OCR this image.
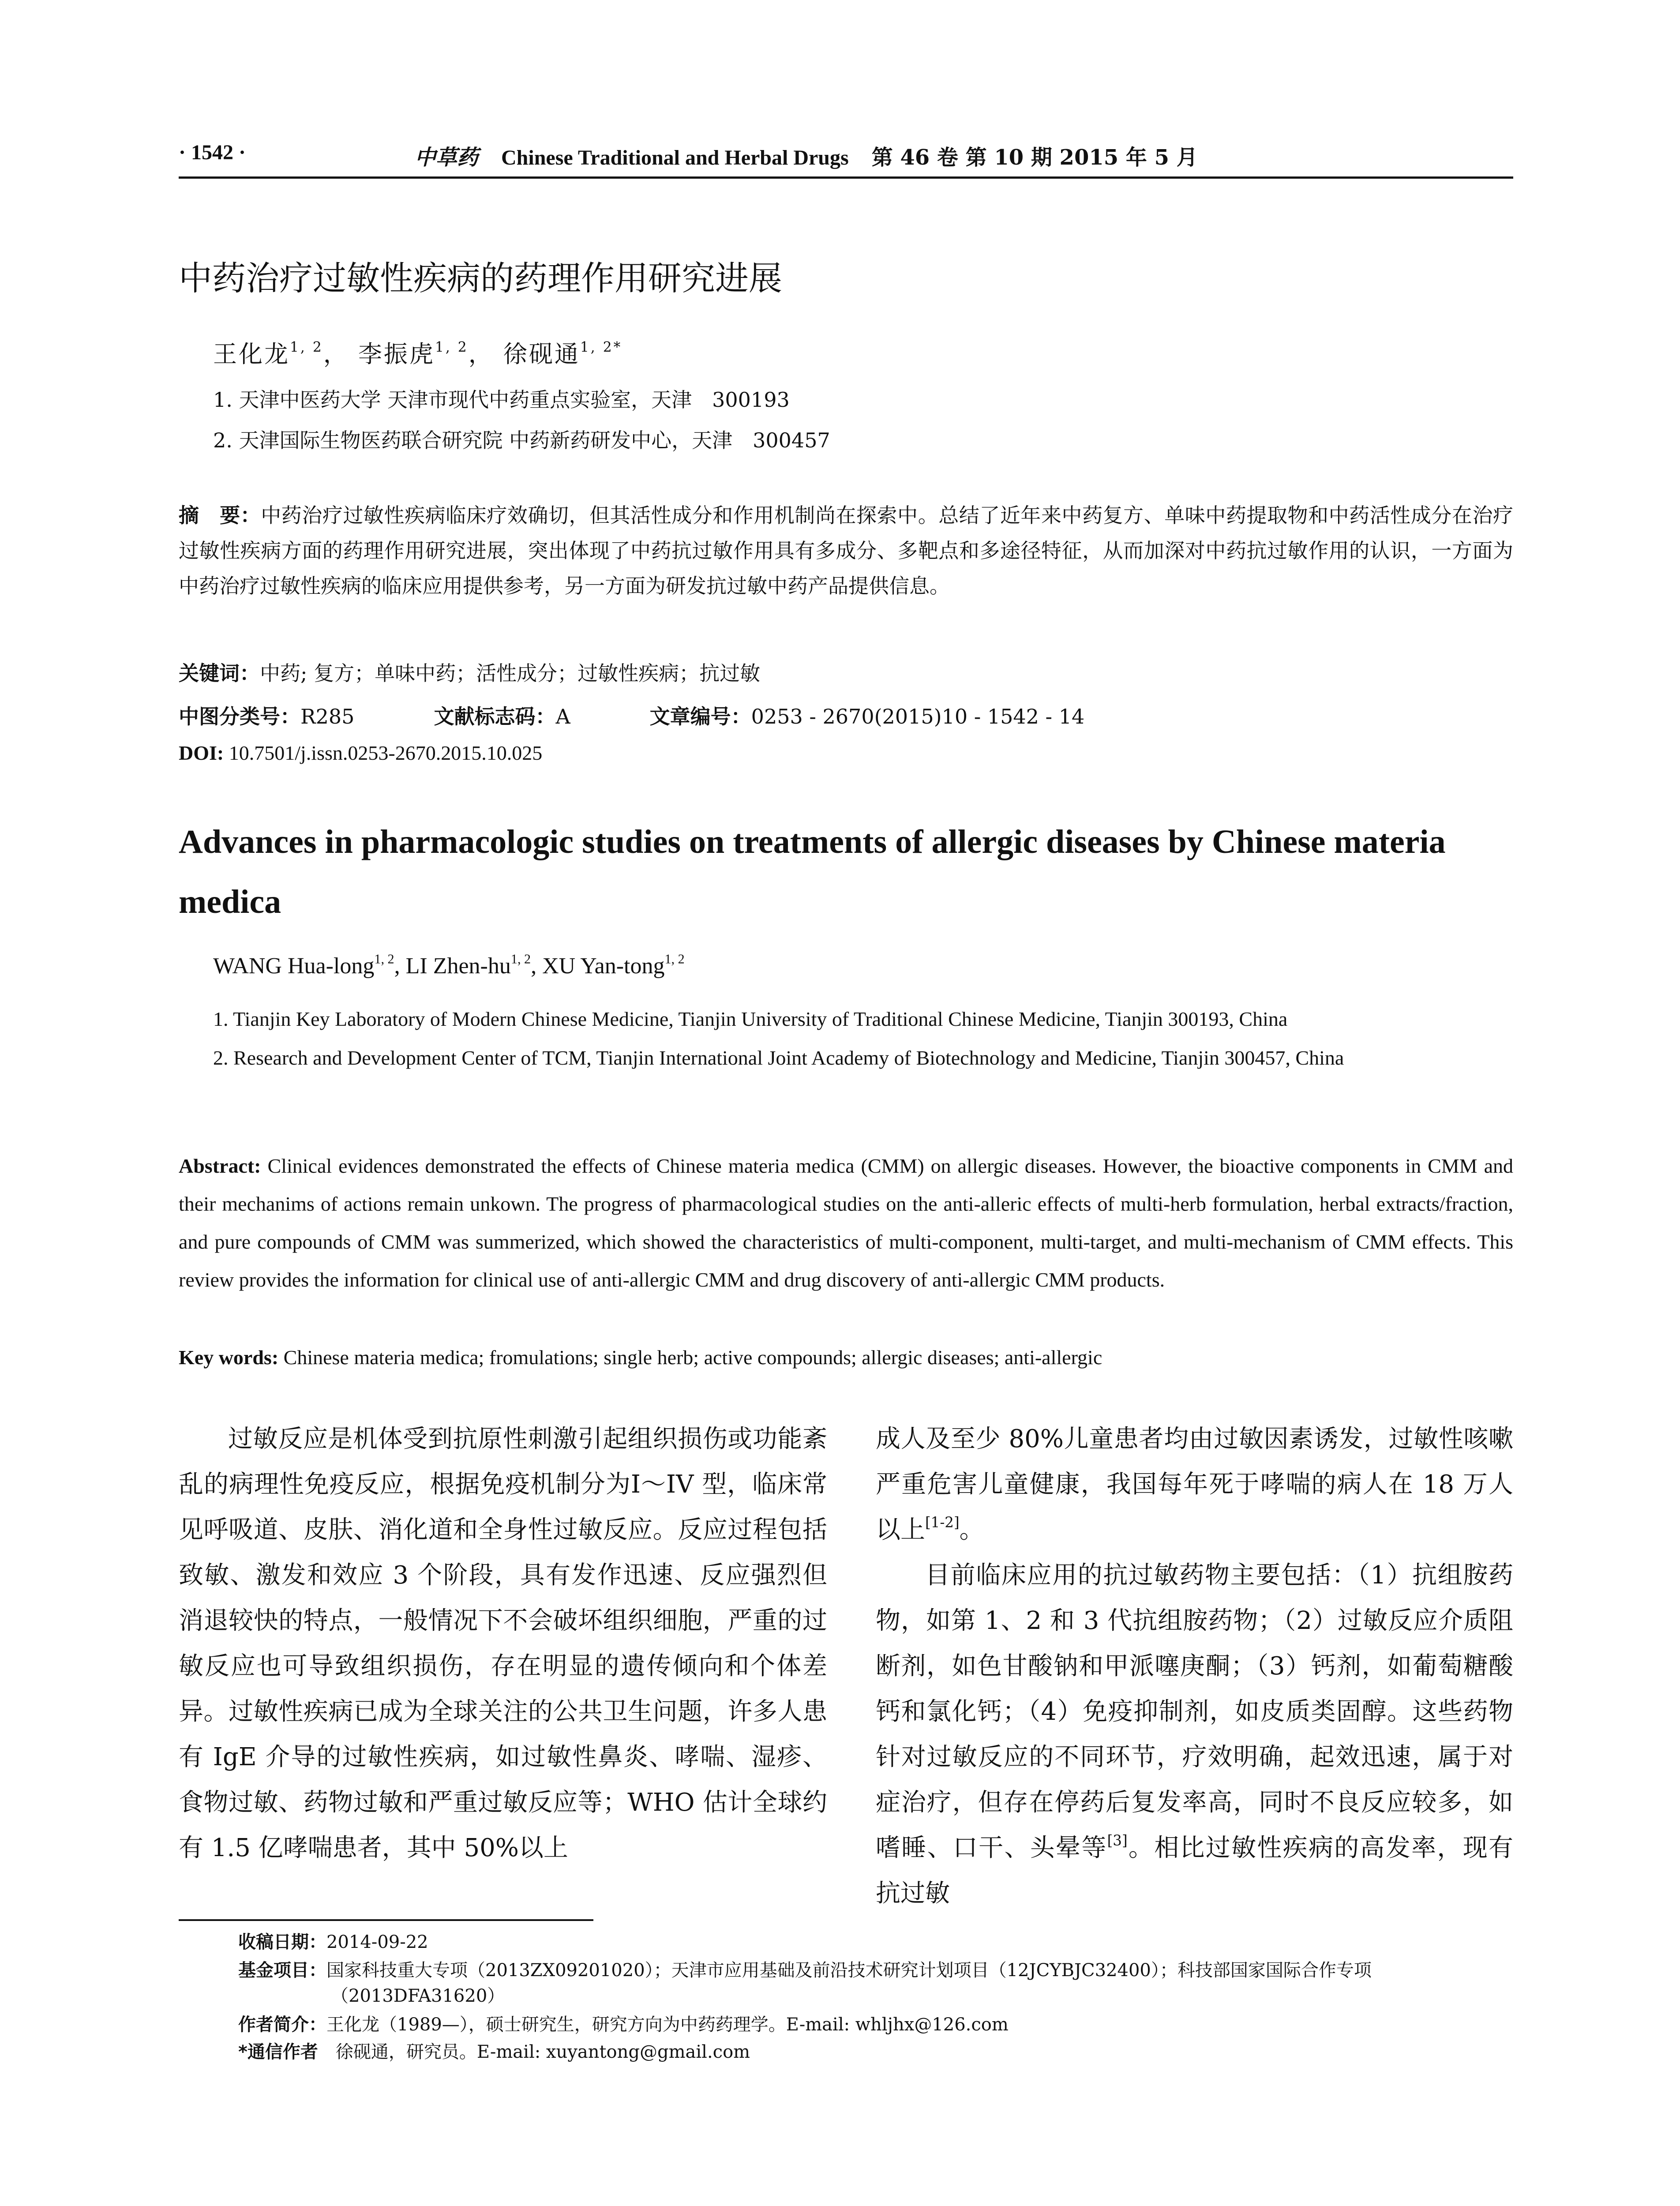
· 1542 ·	中草药 Chinese Traditional and Herbal Drugs 第 46 卷 第 10 期 2015 年 5 月
中药治疗过敏性疾病的药理作用研究进展
王化龙$^{1, 2}$， 李振虎$^{1, 2}$， 徐砚通$^{1, 2*}$
1. 天津中医药大学 天津市现代中药重点实验室，天津　300193
2. 天津国际生物医药联合研究院 中药新药研发中心，天津　300457
摘　要：中药治疗过敏性疾病临床疗效确切，但其活性成分和作用机制尚在探索中。总结了近年来中药复方、单味中药提取物和中药活性成分在治疗过敏性疾病方面的药理作用研究进展，突出体现了中药抗过敏作用具有多成分、多靶点和多途径特征，从而加深对中药抗过敏作用的认识，一方面为中药治疗过敏性疾病的临床应用提供参考，另一方面为研发抗过敏中药产品提供信息。
关键词：中药; 复方；单味中药；活性成分；过敏性疾病；抗过敏
中图分类号：R285	文献标志码：A	文章编号：0253 - 2670(2015)10 - 1542 - 14
DOI: 10.7501/j.issn.0253-2670.2015.10.025
Advances in pharmacologic studies on treatments of allergic diseases by Chinese materia medica
WANG Hua-long$^{1, 2}$, LI Zhen-hu$^{1, 2}$, XU Yan-tong$^{1, 2}$
1. Tianjin Key Laboratory of Modern Chinese Medicine, Tianjin University of Traditional Chinese Medicine, Tianjin 300193, China
2. Research and Development Center of TCM, Tianjin International Joint Academy of Biotechnology and Medicine, Tianjin 300457, China
Abstract: Clinical evidences demonstrated the effects of Chinese materia medica (CMM) on allergic diseases. However, the bioactive components in CMM and their mechanims of actions remain unkown. The progress of pharmacological studies on the anti-alleric effects of multi-herb formulation, herbal extracts/fraction, and pure compounds of CMM was summerized, which showed the characteristics of multi-component, multi-target, and multi-mechanism of CMM effects. This review provides the information for clinical use of anti-allergic CMM and drug discovery of anti-allergic CMM products.
Key words: Chinese materia medica; fromulations; single herb; active compounds; allergic diseases; anti-allergic

过敏反应是机体受到抗原性刺激引起组织损伤或功能紊乱的病理性免疫反应，根据免疫机制分为I～IV 型，临床常见呼吸道、皮肤、消化道和全身性过敏反应。反应过程包括致敏、激发和效应 3 个阶段，具有发作迅速、反应强烈但消退较快的特点，一般情况下不会破坏组织细胞，严重的过敏反应也可导致组织损伤，存在明显的遗传倾向和个体差异。过敏性疾病已成为全球关注的公共卫生问题，许多人患有 IgE 介导的过敏性疾病，如过敏性鼻炎、哮喘、湿疹、食物过敏、药物过敏和严重过敏反应等；WHO 估计全球约有 1.5 亿哮喘患者，其中 50%以上

成人及至少 80%儿童患者均由过敏因素诱发，过敏性咳嗽严重危害儿童健康，我国每年死于哮喘的病人在 18 万人以上[1-2]。

目前临床应用的抗过敏药物主要包括：（1）抗组胺药物，如第 1、2 和 3 代抗组胺药物；（2）过敏反应介质阻断剂，如色甘酸钠和甲派噻庚酮；（3）钙剂，如葡萄糖酸钙和氯化钙；（4）免疫抑制剂，如皮质类固醇。这些药物针对过敏反应的不同环节，疗效明确，起效迅速，属于对症治疗，但存在停药后复发率高，同时不良反应较多，如嗜睡、口干、头晕等[3]。相比过敏性疾病的高发率，现有抗过敏

收稿日期：2014-09-22
基金项目：国家科技重大专项（2013ZX09201020）；天津市应用基础及前沿技术研究计划项目（12JCYBJC32400）；科技部国家国际合作专项（2013DFA31620）
作者简介：王化龙（1989—），硕士研究生，研究方向为中药药理学。E-mail: whljhx@126.com
*通信作者　 徐砚通，研究员。E-mail: xuyantong@gmail.com
